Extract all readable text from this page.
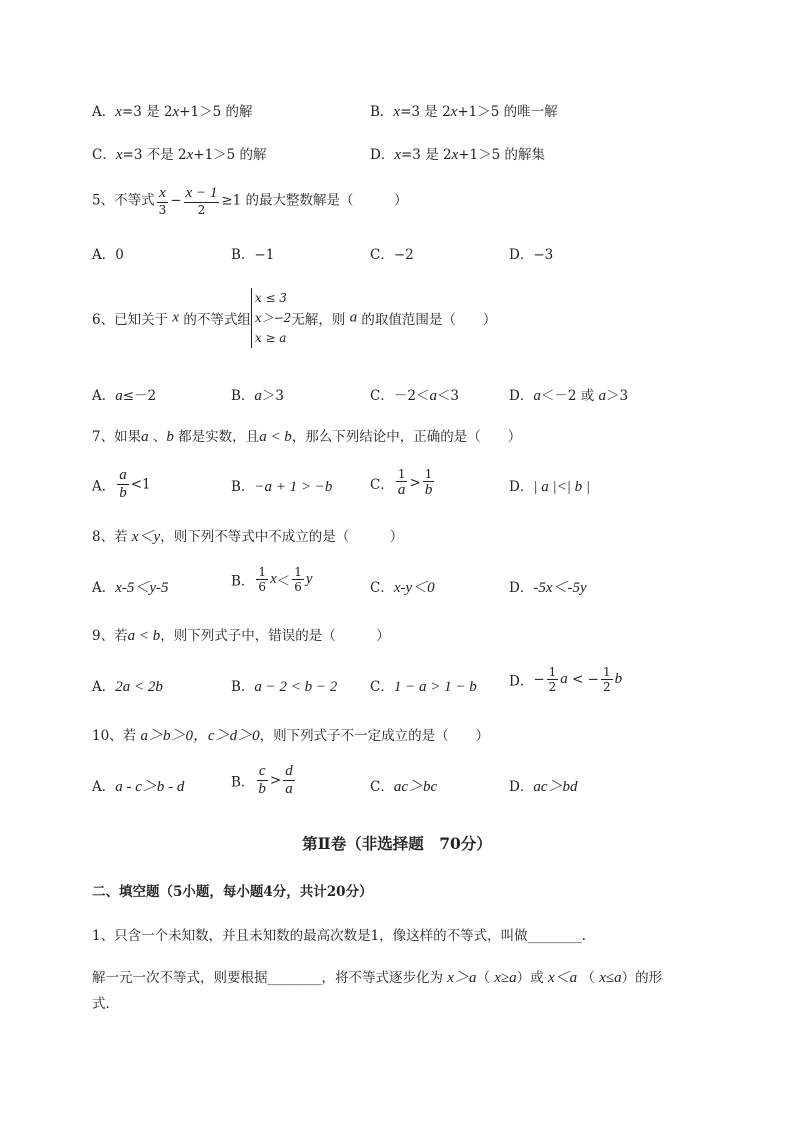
A．x=3 是 2x+1＞5 的解	B．x=3 是 2x+1＞5 的唯一解
C．x=3 不是 2x+1＞5 的解	D．x=3 是 2x+1＞5 的解集
5、不等式 $\frac{x}{3} - \frac{x - 1}{2} \ge 1$ 的最大整数解是（　　　）
A．0	B．−1	C．−2	D．−3
6、已知关于 x 的不等式组
x ≤ 3
x＞−2
x ≥ a
无解，则 a 的取值范围是（　　）
A．a≤－2	B．a＞3	C．－2＜a＜3	D．a＜－2 或 a＞3
7、如果a 、b 都是实数，且a < b，那么下列结论中，正确的是（　　）
A． $\frac{a}{b} <1$	B．−a + 1 > −b	C． $\frac{1}{a} > \frac{1}{b}$	D．| a |<| b |
8、若 x＜y，则下列不等式中不成立的是（　　　）
A．x-5＜y-5	B． $\frac{1}{6} x< \frac{1}{6}$ y
C．x-y＜0	D．-5x＜-5y
9、若a < b，则下列式子中，错误的是（　　　）
A．2a < 2b	B．a − 2 < b − 2 C．1 − a > 1 − b D．− $\frac{1}{2}$ a < − $\frac{1}{2}$ b
10、若 a＞b＞0，c＞d＞0，则下列式子不一定成立的是（　　）
A．a - c＞b - d	B． $\frac{c}{b} > \frac{d}{a}$	C．ac＞bc	D．ac＞bd
第Ⅱ卷（非选择题　70分）
二、填空题（5小题，每小题4分，共计20分）
1、只含一个未知数，并且未知数的最高次数是1，像这样的不等式，叫做________.
解一元一次不等式，则要根据________，将不等式逐步化为 x＞a（ x≥a）或 x＜a （ x≤a）的形
式．
